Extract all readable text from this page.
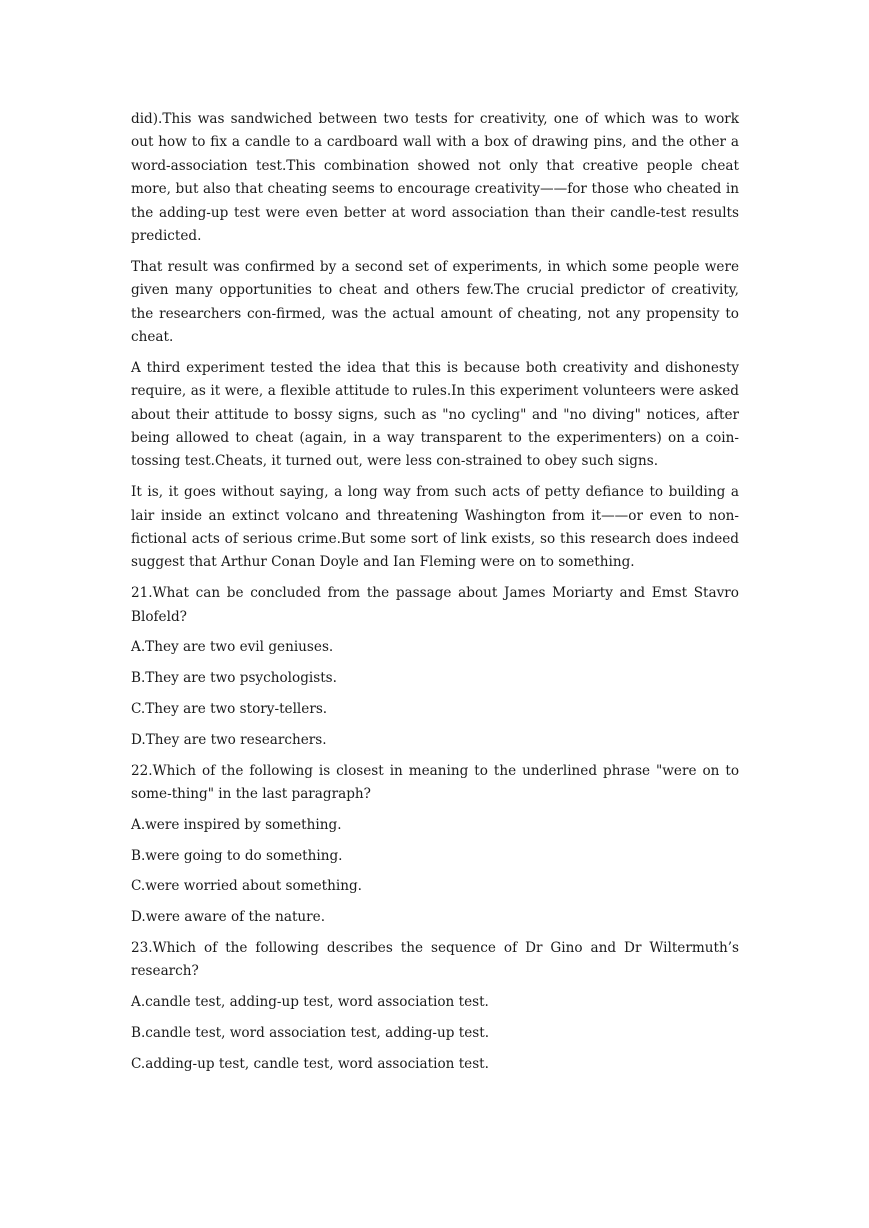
did).This was sandwiched between two tests for creativity, one of which was to work out how to fix a candle to a cardboard wall with a box of drawing pins, and the other a word-association test.This combination showed not only that creative people cheat more, but also that cheating seems to encourage creativity——for those who cheated in the adding-up test were even better at word association than their candle-test results predicted.

That result was confirmed by a second set of experiments, in which some people were given many opportunities to cheat and others few.The crucial predictor of creativity, the researchers con-firmed, was the actual amount of cheating, not any propensity to cheat.

A third experiment tested the idea that this is because both creativity and dishonesty require, as it were, a flexible attitude to rules.In this experiment volunteers were asked about their attitude to bossy signs, such as "no cycling" and "no diving" notices, after being allowed to cheat (again, in a way transparent to the experimenters) on a coin-tossing test.Cheats, it turned out, were less con-strained to obey such signs.

It is, it goes without saying, a long way from such acts of petty defiance to building a lair inside an extinct volcano and threatening Washington from it——or even to non-fictional acts of serious crime.But some sort of link exists, so this research does indeed suggest that Arthur Conan Doyle and Ian Fleming were on to something.

21.What can be concluded from the passage about James Moriarty and Emst Stavro Blofeld?

A.They are two evil geniuses.

B.They are two psychologists.

C.They are two story-tellers.

D.They are two researchers.

22.Which of the following is closest in meaning to the underlined phrase "were on to some-thing" in the last paragraph?

A.were inspired by something.

B.were going to do something.

C.were worried about something.

D.were aware of the nature.

23.Which of the following describes the sequence of Dr Gino and Dr Wiltermuth’s research?

A.candle test, adding-up test, word association test.

B.candle test, word association test, adding-up test.

C.adding-up test, candle test, word association test.
